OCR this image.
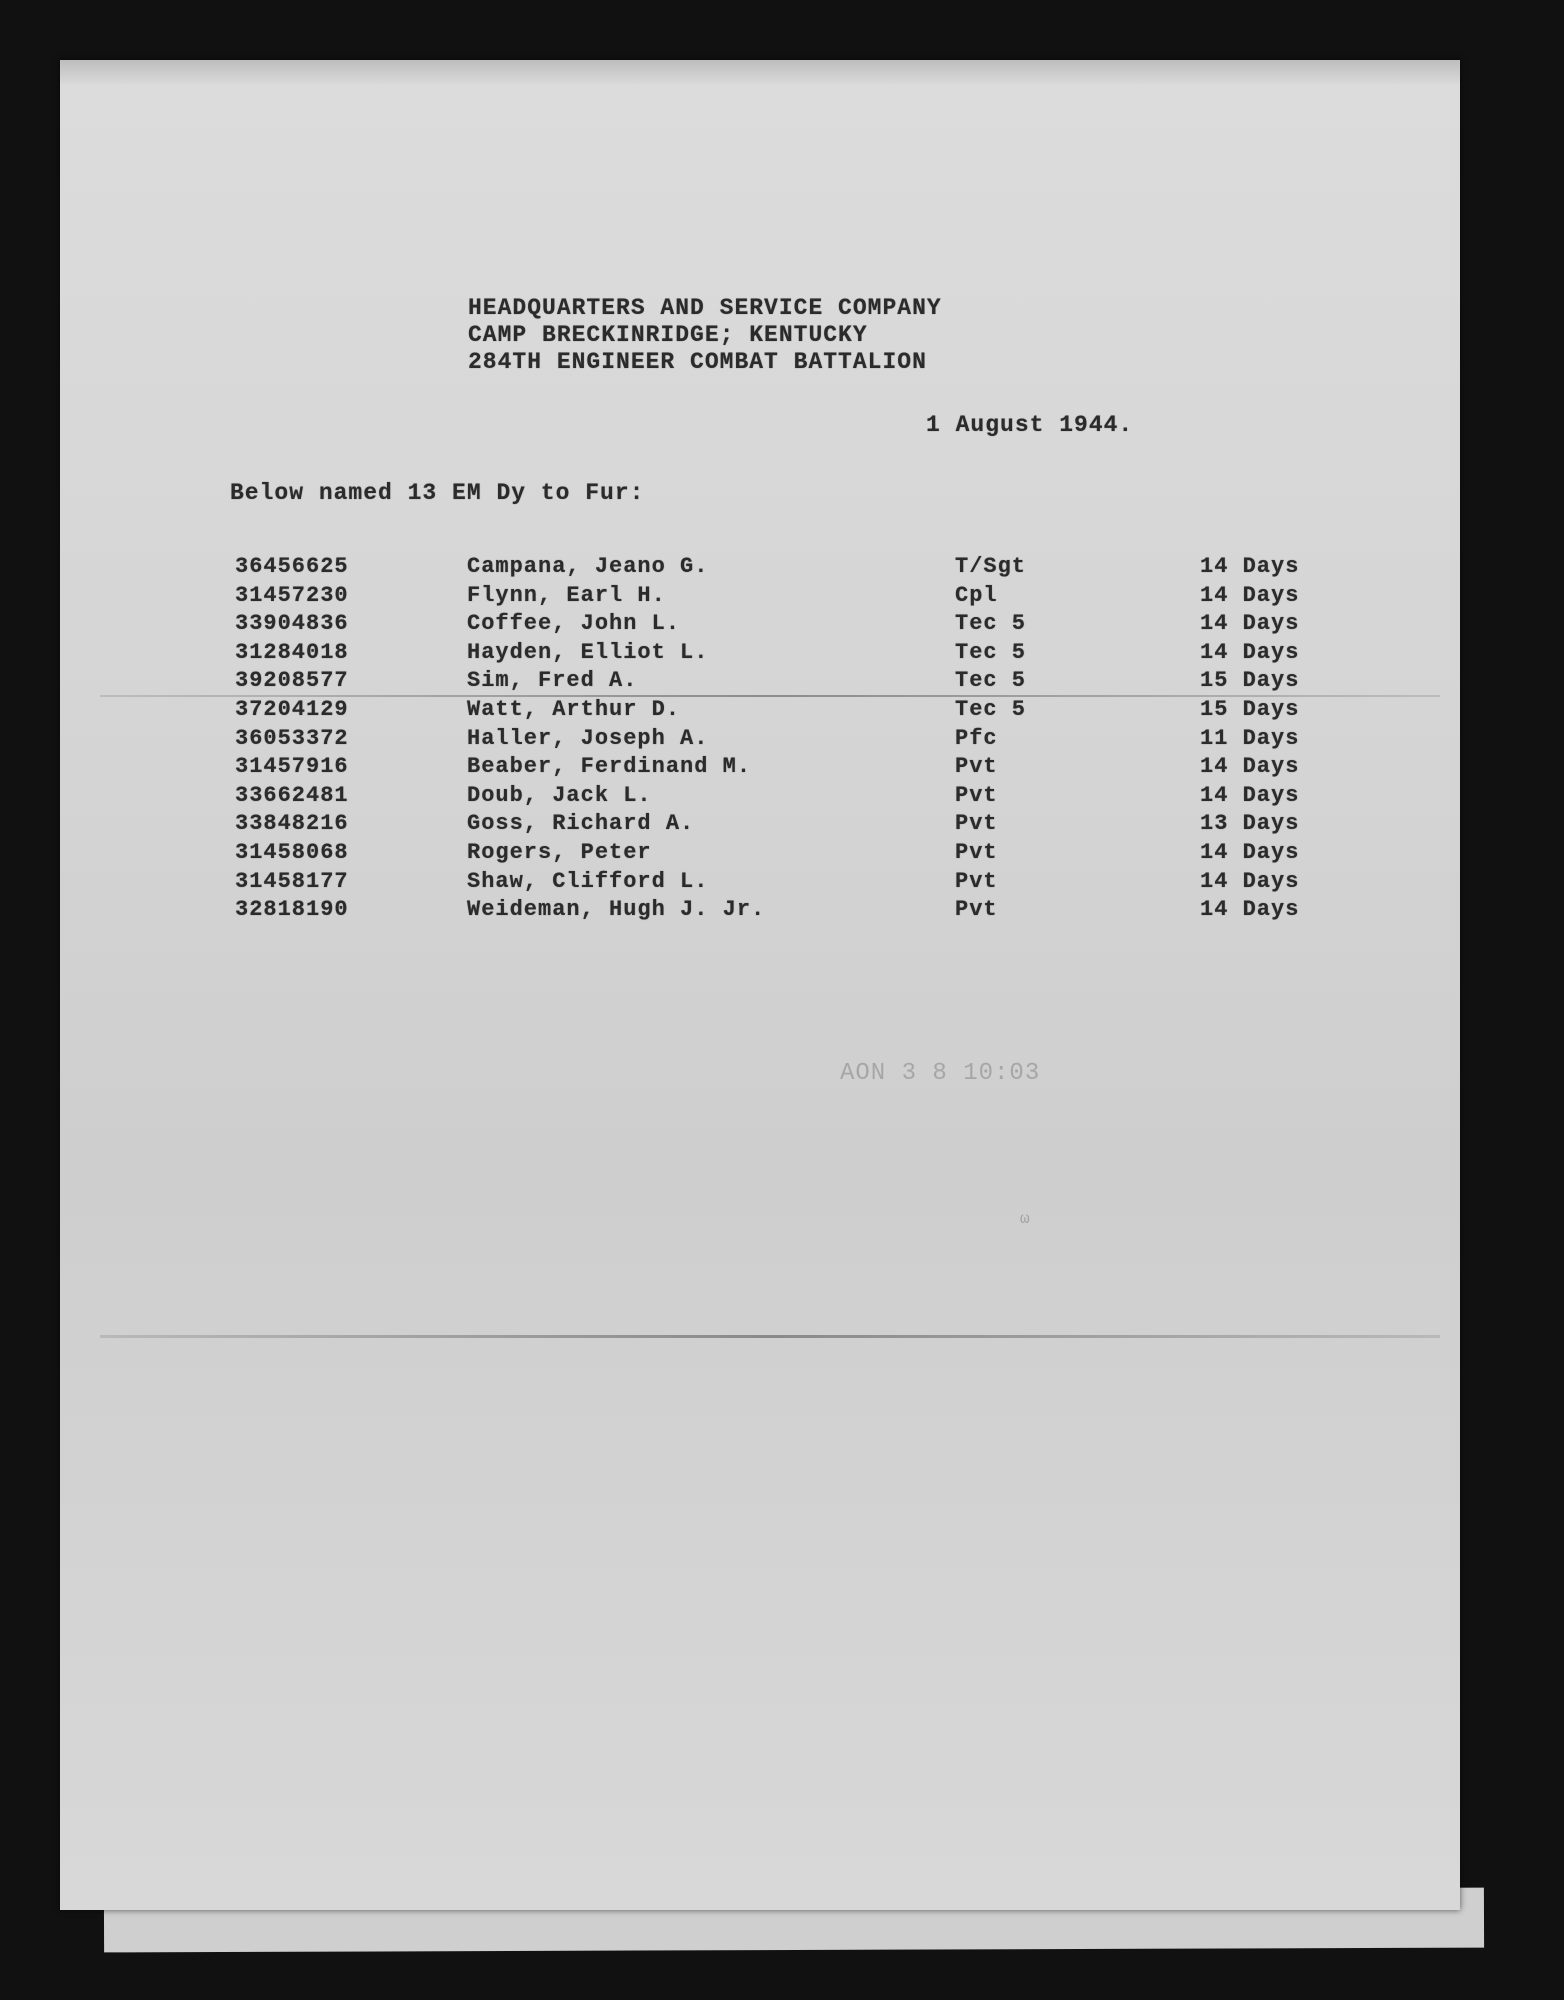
HEADQUARTERS AND SERVICE COMPANY
CAMP BRECKINRIDGE; KENTUCKY
284TH ENGINEER COMBAT BATTALION
1 August 1944.
Below named 13 EM Dy to Fur:
36456625	Campana, Jeano G.	T/Sgt	14 Days
31457230	Flynn, Earl H.	Cpl	14 Days
33904836	Coffee, John L.	Tec 5	14 Days
31284018	Hayden, Elliot L.	Tec 5	14 Days
39208577	Sim, Fred A.	Tec 5	15 Days
37204129	Watt, Arthur D.	Tec 5	15 Days
36053372	Haller, Joseph A.	Pfc	11 Days
31457916	Beaber, Ferdinand M.	Pvt	14 Days
33662481	Doub, Jack L.	Pvt	14 Days
33848216	Goss, Richard A.	Pvt	13 Days
31458068	Rogers, Peter	Pvt	14 Days
31458177	Shaw, Clifford L.	Pvt	14 Days
32818190	Weideman, Hugh J. Jr.	Pvt	14 Days
AON 3 8 10:03
ω
